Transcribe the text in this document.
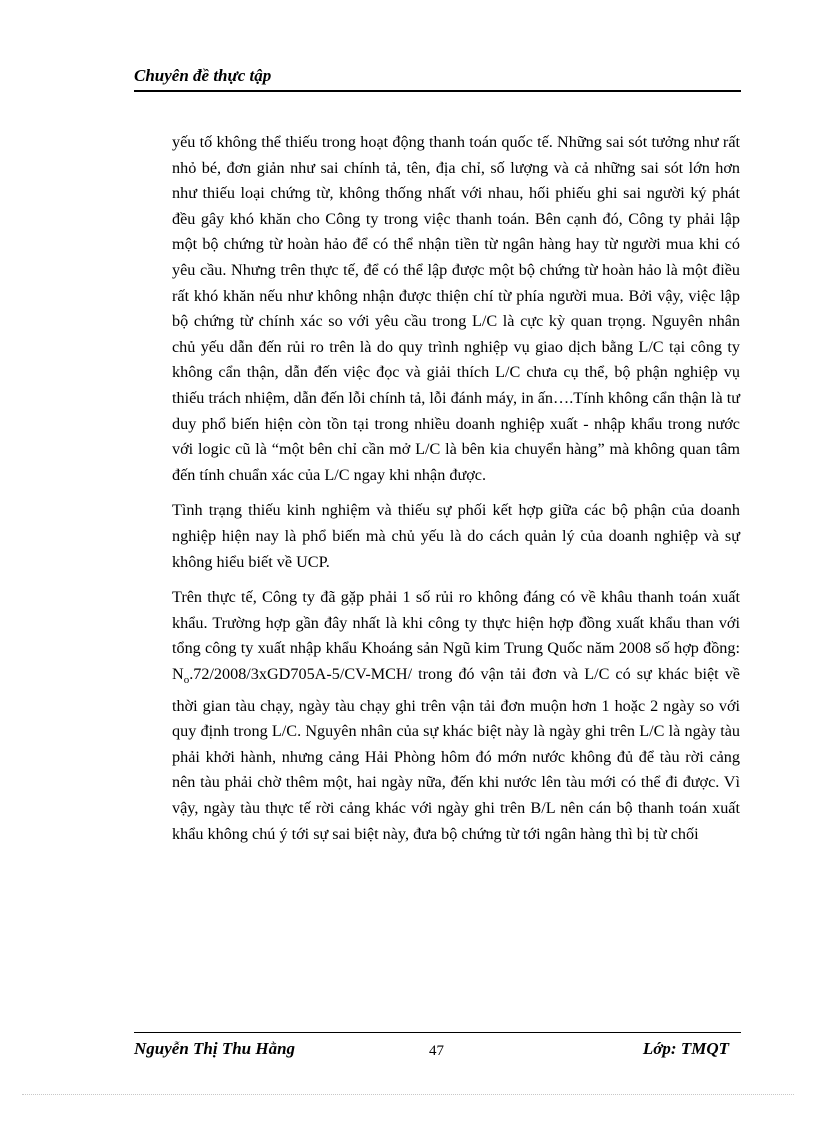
Chuyên đề thực tập

yếu tố không thể thiếu trong hoạt động thanh toán quốc tế. Những sai sót tưởng như rất nhỏ bé, đơn giản như sai chính tả, tên, địa chỉ, số lượng và cả những sai sót lớn hơn như thiếu loại chứng từ, không thống nhất với nhau, hối phiếu ghi sai người ký phát đều gây khó khăn cho Công ty trong việc thanh toán. Bên cạnh đó, Công ty phải lập một bộ chứng từ hoàn hảo để có thể nhận tiền từ ngân hàng hay từ người mua khi có yêu cầu. Nhưng trên thực tế, để có thể lập được một bộ chứng từ hoàn hảo là một điều rất khó khăn nếu như không nhận được thiện chí từ phía người mua. Bởi vậy, việc lập bộ chứng từ chính xác so với yêu cầu trong L/C là cực kỳ quan trọng. Nguyên nhân chủ yếu dẫn đến rủi ro trên là do quy trình nghiệp vụ giao dịch bằng L/C tại công ty không cẩn thận, dẫn đến việc đọc và giải thích L/C chưa cụ thể, bộ phận nghiệp vụ thiếu trách nhiệm, dẫn đến lỗi chính tả, lỗi đánh máy, in ấn….Tính không cẩn thận là tư duy phổ biến hiện còn tồn tại trong nhiều doanh nghiệp xuất - nhập khẩu trong nước với logic cũ là “một bên chỉ cần mở L/C là bên kia chuyển hàng” mà không quan tâm đến tính chuẩn xác của L/C ngay khi nhận được.

Tình trạng thiếu kinh nghiệm và thiếu sự phối kết hợp giữa các bộ phận của doanh nghiệp hiện nay là phổ biến mà chủ yếu là do cách quản lý của doanh nghiệp và sự không hiểu biết về UCP.

Trên thực tế, Công ty đã gặp phải 1 số rủi ro không đáng có về khâu thanh toán xuất khẩu. Trường hợp gần đây nhất là khi công ty thực hiện hợp đồng xuất khẩu than với tổng công ty xuất nhập khẩu Khoáng sản Ngũ kim Trung Quốc năm 2008 số hợp đồng: $N_o.72/2008/3xGD705A-5/CV-MCH/$ trong đó vận tải đơn và L/C có sự khác biệt về thời gian tàu chạy, ngày tàu chạy ghi trên vận tải đơn muộn hơn 1 hoặc 2 ngày so với quy định trong L/C. Nguyên nhân của sự khác biệt này là ngày ghi trên L/C là ngày tàu phải khởi hành, nhưng cảng Hải Phòng hôm đó mớn nước không đủ để tàu rời cảng nên tàu phải chờ thêm một, hai ngày nữa, đến khi nước lên tàu mới có thể đi được. Vì vậy, ngày tàu thực tế rời cảng khác với ngày ghi trên B/L nên cán bộ thanh toán xuất khẩu không chú ý tới sự sai biệt này, đưa bộ chứng từ tới ngân hàng thì bị từ chối

Nguyễn Thị Thu Hằng	47	Lớp: TMQT
